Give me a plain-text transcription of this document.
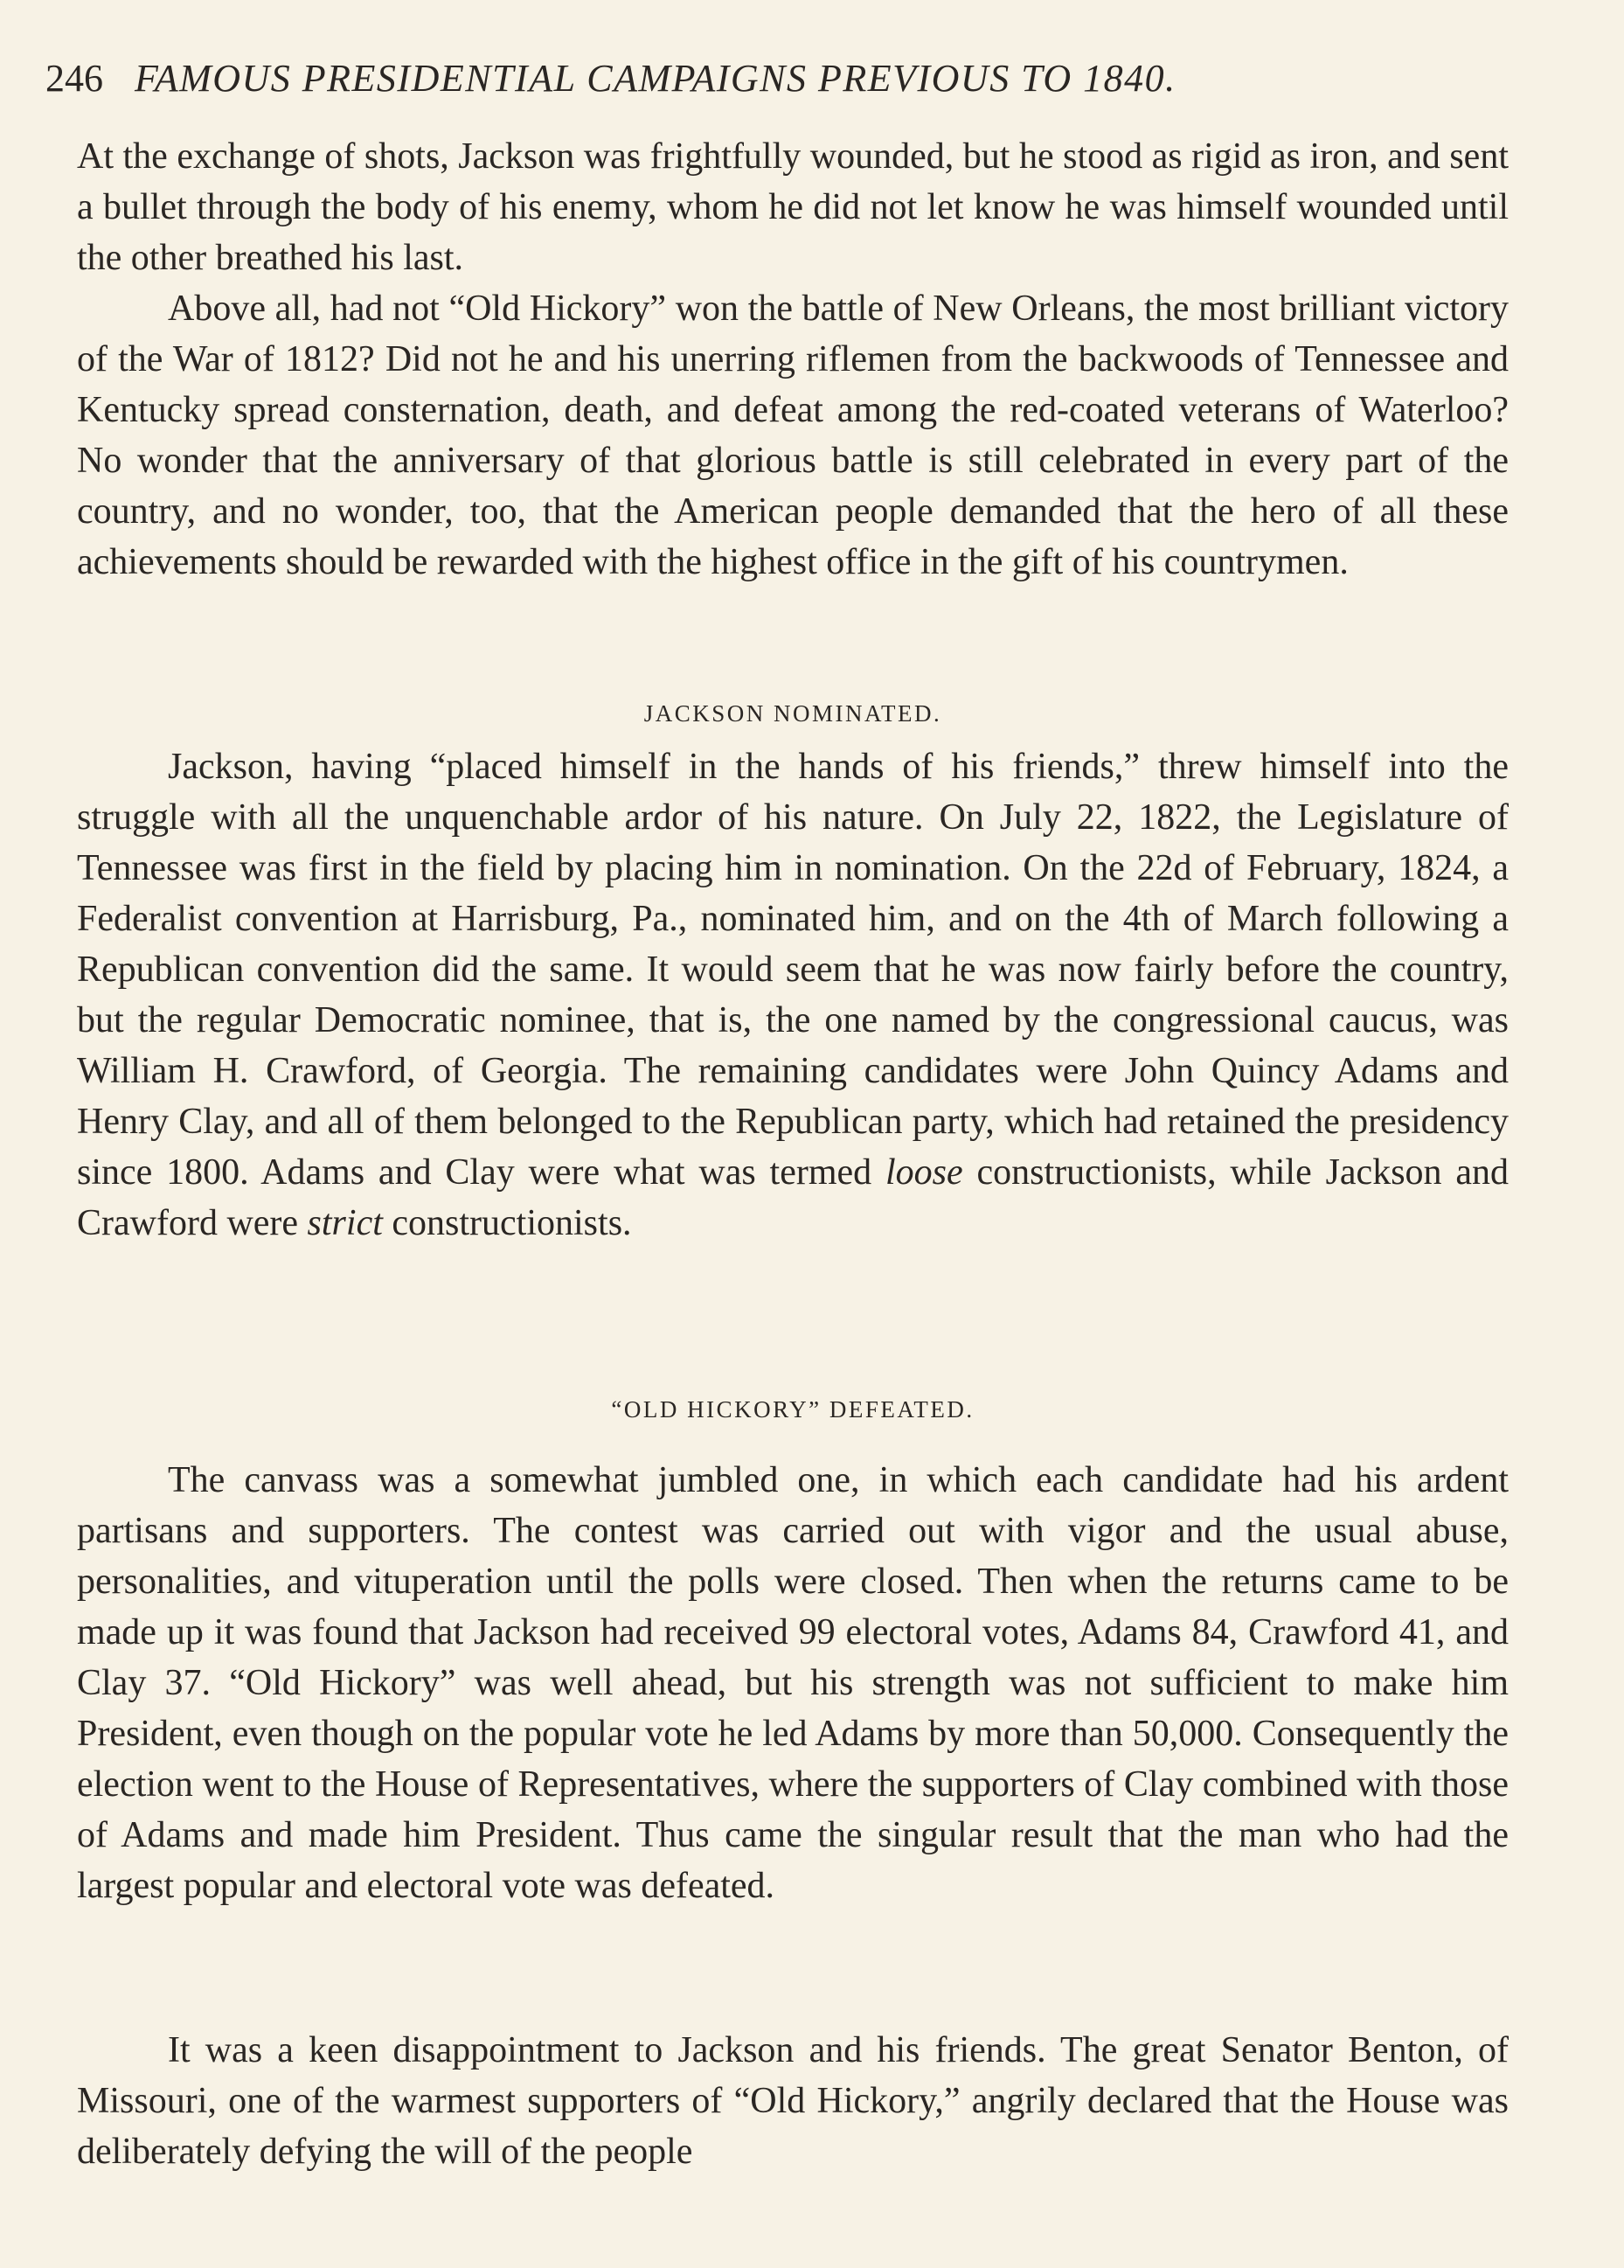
246 FAMOUS PRESIDENTIAL CAMPAIGNS PREVIOUS TO 1840.

At the exchange of shots, Jackson was frightfully wounded, but he stood as rigid as iron, and sent a bullet through the body of his enemy, whom he did not let know he was himself wounded until the other breathed his last.

Above all, had not “Old Hickory” won the battle of New Orleans, the most brilliant victory of the War of 1812? Did not he and his unerring riflemen from the backwoods of Tennessee and Kentucky spread consternation, death, and defeat among the red-coated veterans of Waterloo? No wonder that the anniversary of that glorious battle is still celebrated in every part of the country, and no wonder, too, that the American people demanded that the hero of all these achievements should be rewarded with the highest office in the gift of his countrymen.

JACKSON NOMINATED.

Jackson, having “placed himself in the hands of his friends,” threw himself into the struggle with all the unquenchable ardor of his nature. On July 22, 1822, the Legislature of Tennessee was first in the field by placing him in nomination. On the 22d of February, 1824, a Federalist convention at Harrisburg, Pa., nominated him, and on the 4th of March following a Republican convention did the same. It would seem that he was now fairly before the country, but the regular Democratic nominee, that is, the one named by the congressional caucus, was William H. Crawford, of Georgia. The remaining candidates were John Quincy Adams and Henry Clay, and all of them belonged to the Republican party, which had retained the presidency since 1800. Adams and Clay were what was termed loose constructionists, while Jackson and Crawford were strict constructionists.

“OLD HICKORY” DEFEATED.

The canvass was a somewhat jumbled one, in which each candidate had his ardent partisans and supporters. The contest was carried out with vigor and the usual abuse, personalities, and vituperation until the polls were closed. Then when the returns came to be made up it was found that Jackson had received 99 electoral votes, Adams 84, Crawford 41, and Clay 37. “Old Hickory” was well ahead, but his strength was not sufficient to make him President, even though on the popular vote he led Adams by more than 50,000. Consequently the election went to the House of Representatives, where the supporters of Clay combined with those of Adams and made him President. Thus came the singular result that the man who had the largest popular and electoral vote was defeated.

It was a keen disappointment to Jackson and his friends. The great Senator Benton, of Missouri, one of the warmest supporters of “Old Hickory,” angrily declared that the House was deliberately defying the will of the people
